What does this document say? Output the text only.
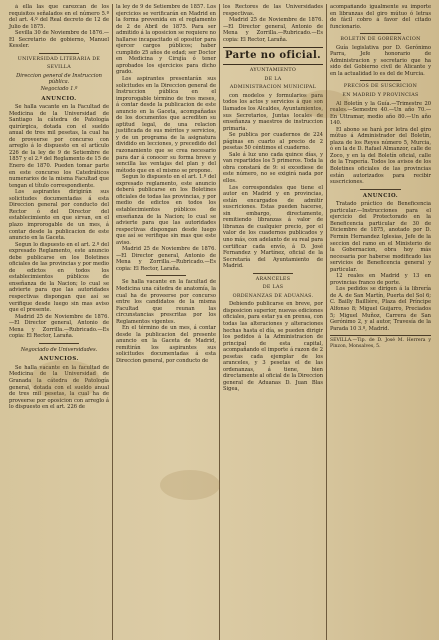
á ella las que carezcan de los requisitos señalados en el número 5.º del art. 4.º del Real decreto de 12 de Julio de 1875.

Sevilla 30 de Noviembre de 1876.—El Secretario de gobierno, Manuel Kessler.

UNIVERSIDAD LITERARIA DE

SEVILLA

Direccion general de Instruccion pública.

Negociado 1.º

ANUNCIO.

Se halla vacante en la Facultad de Medicina de la Universidad de Santiago la cátedra de Patología quirúrgica, dotada con el sueldo anual de tres mil pesetas, la cual ha de proveerse por concurso con arreglo á lo dispuesto en el artículo 226 de la ley de 9 de Setiembre de 1857 y el 2.º del Reglamento de 15 de Enero de 1870. Pueden tomar parte en este concurso los Catedráticos numerarios de la misma Facultad que tengan el título correspondiente.

Los aspirantes dirigirán sus solicitudes documentadas á esta Direccion general por conducto del Rector ó del Director del establecimiento en que sirvan, en el plazo improrogable de un mes, á contar desde la publicacion de este anuncio en la Gaceta.

Segun lo dispuesto en el art. 2.º del expresado Reglamento, este anuncio debe publicarse en los Boletines oficiales de las provincias y por medio de edictos en todos los establecimientos públicos de enseñanza de la Nacion; lo cual se advierte para que las autoridades respectivas dispongan que así se verifique desde luego sin mas aviso que el presente.

Madrid 25 de Noviembre de 1876.—El Director general, Antonio de Mena y Zorrilla.—Rubricado.—Es copia: El Rector, Laraña.

Negociado de Universidades.

ANUNCIOS.

Se halla vacante en la facultad de Medicina de la Universidad de Granada la cátedra de Patología general, dotada con el sueldo anual de tres mil pesetas, la cual ha de proveerse por oposicion con arreglo á lo dispuesto en el art. 226 de

la ley de 9 de Setiembre de 1857. Los ejercicios se verificarán en Madrid en la forma prevenida en el reglamento de 2 de Abril de 1875. Para ser admitido á la oposicion se requiere no hallarse incapacitado el opositor para ejercer cargos públicos; haber cumplido 25 años de edad; ser Doctor en Medicina y Cirujía ó tener aprobados los ejercicios para dicho grado.

Los aspirantes presentarán sus solicitudes en la Direccion general de Instruccion pública en el improrogable término de tres meses, á contar desde la publicacion de este anuncio en la Gaceta, acompañadas de los documentos que acrediten su aptitud legal, de una relacion justificada de sus méritos y servicios, y de un programa de la asignatura dividido en lecciones, y precedido del razonamiento que se crea necesario para dar á conocer su forma breve y sencilla las ventajas del plan y del método que en el mismo se propone.

Segun lo dispuesto en el art. 1.º del expresado reglamento, este anuncio deberá publicarse en los Boletines oficiales de todas las provincias, y por medio de edictos en todos los establecimientos públicos de enseñanza de la Nacion; lo cual se advierte para que las autoridades respectivas dispongan desde luego que así se verifique sin mas que este aviso.

Madrid 25 de Noviembre de 1876.—El Director general, Antonio de Mena y Zorrilla.—Rubricado.—Es copia: El Rector, Laraña.

Se halla vacante en la facultad de Medicina una cátedra de anatomía, la cual ha de proveerse por concurso entre los candidatos de la misma Facultad que reunan las circunstancias prescritas por los Reglamentos vigentes.

En el término de un mes, á contar desde la publicacion del presente anuncio en la Gaceta de Madrid, remitirán los aspirantes sus solicitudes documentadas á esta Direccion general, por conducto de

los Rectores de las Universidades respectivas.

Madrid 25 de Noviembre de 1876.—El Director general, Antonio de Mena y Zorrilla.—Rubricado.—Es copia: El Rector, Laraña.

Parte no oficial.

AYUNTAMIENTO

DE LA

ADMINISTRACION MUNICIPAL

con modelos y formularios para todos los actos y servicios á que son llamados los Alcaldes, Ayuntamientos, sus Secretarios, Juntas locales de enseñanza y maestros de instruccion primaria.

Se publica por cuadernos de 224 páginas en cuarto al precio de 2 pesetas 50 céntimos el cuaderno.

Sale á luz uno cada quince días, y van repartidos los 5 primeros. Toda la obra constará de 9: si excediese de este número, no se exigirá nada por ellos.

Los correspondales que tiene el autor en Madrid y en provincias, están encargados de admitir suscriciones. Estas pueden hacerse, sin embargo, directamente, remitiendo libranzas á valor de libranza de cualquier precio, por el valor de los cuadernos publicados y uno más, con adelanto de su real para certificar cada envío, á D. José Fernandez y Martínez, oficial de la Secretaría del Ayuntamiento de Madrid.

ARANCELES

DE LAS

ORDENANZAS DE ADUANAS.

Debiendo publicarse en breve, por disposicion superior, nuevas ediciones oficiales, para estar ya en prensa, con todas las alteraciones y alteraciones hechas hasta el día, se pueden dirigir los pedidos á la Administracion de principal de esta capital, acompañando el importe á razon de 2 pesetas cada ejemplar de los aranceles, y 3 pesetas el de las ordenanzas, á tiene, bien directamente al oficial de la Direccion general de Aduanas D. Juan Blas Sigea,

acompañando igualmente su importe en libranzas del giro mútuo ó letras de fácil cobro á favor del citado funcionario.

BOLETIN DE GOBERNACION

Guía legislativa por D. Gerónimo Parra, Jefe honorario de Administracion y secretario que ha sido del Gobierno civil de Alicante y en la actualidad lo es del de Murcia.

PRECIOS DE SUSCRICION

EN MADRID Y PROVINCIAS

Al Boletín y la Guía.—Trimestre 20 reales.—Semestre 40.—Un año 70.—En Ultramar, medio año 80.—Un año 140.

El abono se hará por letra del giro mútuo á Administrador del Boletín, plaza de los Reyes número 5, Murcia, ó en la de D. Rafael Almanzor, calle de Zoco, y en la del Boletín oficial, calle de la Trapería. Todos los avisos de los Boletines oficiales de las provincias están autorizados para recibir suscriciones.

ANUNCIO.

Tratado práctico de Beneficencia particular.—Instrucciones para el ejercicio del Protectorado en la Beneficencia particular de 30 de Diciembre de 1875, anotado por D. Fermin Hernandez Iglesias, Jefe de la seccion del ramo en el Ministerio de la Gobernacion, obra hoy más necesaria por haberse modificado las servicios de Beneficencia general y particular.

12 reales en Madrid y 13 en provincias franco de porte.

Los pedidos se dirigen á la librería de A. de San Martín, Puerta del Sol 6; C. Bailly Baillière, Plaza del Príncipe Alfonso 8; Miguel Guijarro, Preciados 5; Miguel Muñoz, Carrera de San Gerónimo 2, y al autor, Travesía de la Parada 10 3.º, Madrid.

SEVILLA.—Tip. de D. José M. Herrera y Pinzon, Monsalves, 5.
